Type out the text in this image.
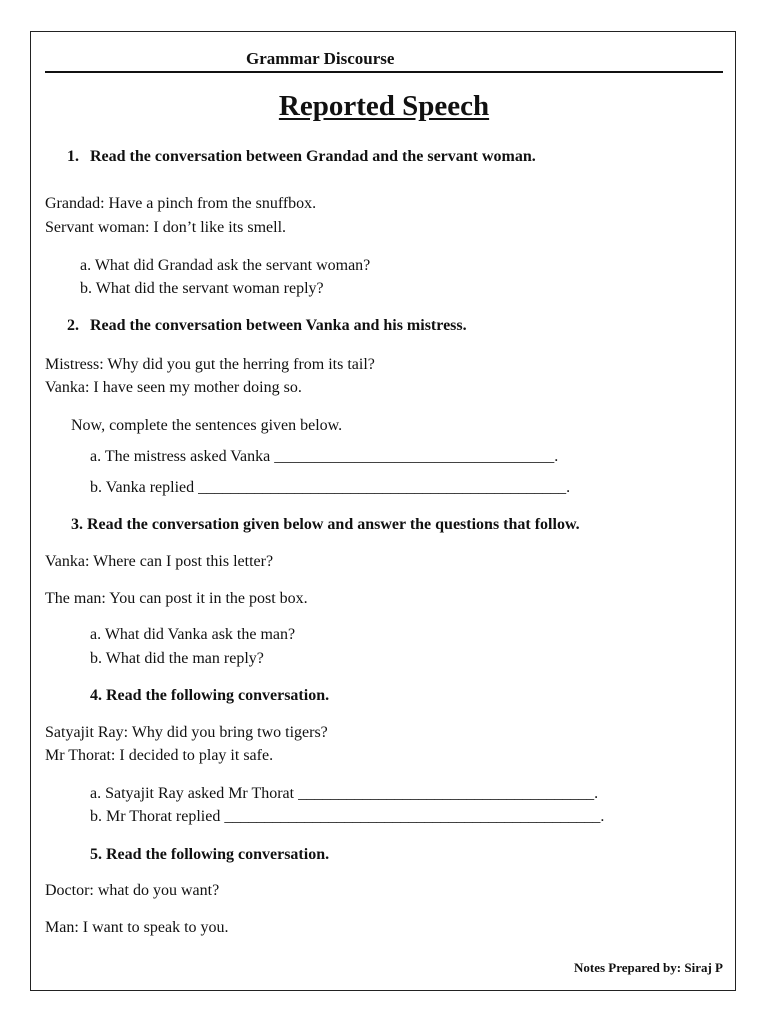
Grammar Discourse
Reported Speech
1. Read the conversation between Grandad and the servant woman.
Grandad: Have a pinch from the snuffbox.
Servant woman: I don’t like its smell.
a. What did Grandad ask the servant woman?
b. What did the servant woman reply?
2. Read the conversation between Vanka and his mistress.
Mistress: Why did you gut the herring from its tail?
Vanka: I have seen my mother doing so.
Now, complete the sentences given below.
a. The mistress asked Vanka ___________________________________.
b. Vanka replied ______________________________________________.
3. Read the conversation given below and answer the questions that follow.
Vanka: Where can I post this letter?
The man: You can post it in the post box.
a. What did Vanka ask the man?
b. What did the man reply?
4. Read the following conversation.
Satyajit Ray: Why did you bring two tigers?
Mr Thorat: I decided to play it safe.
a. Satyajit Ray asked Mr Thorat _____________________________________.
b. Mr Thorat replied _______________________________________________.
5. Read the following conversation.
Doctor: what do you want?
Man: I want to speak to you.
Notes Prepared by: Siraj P
